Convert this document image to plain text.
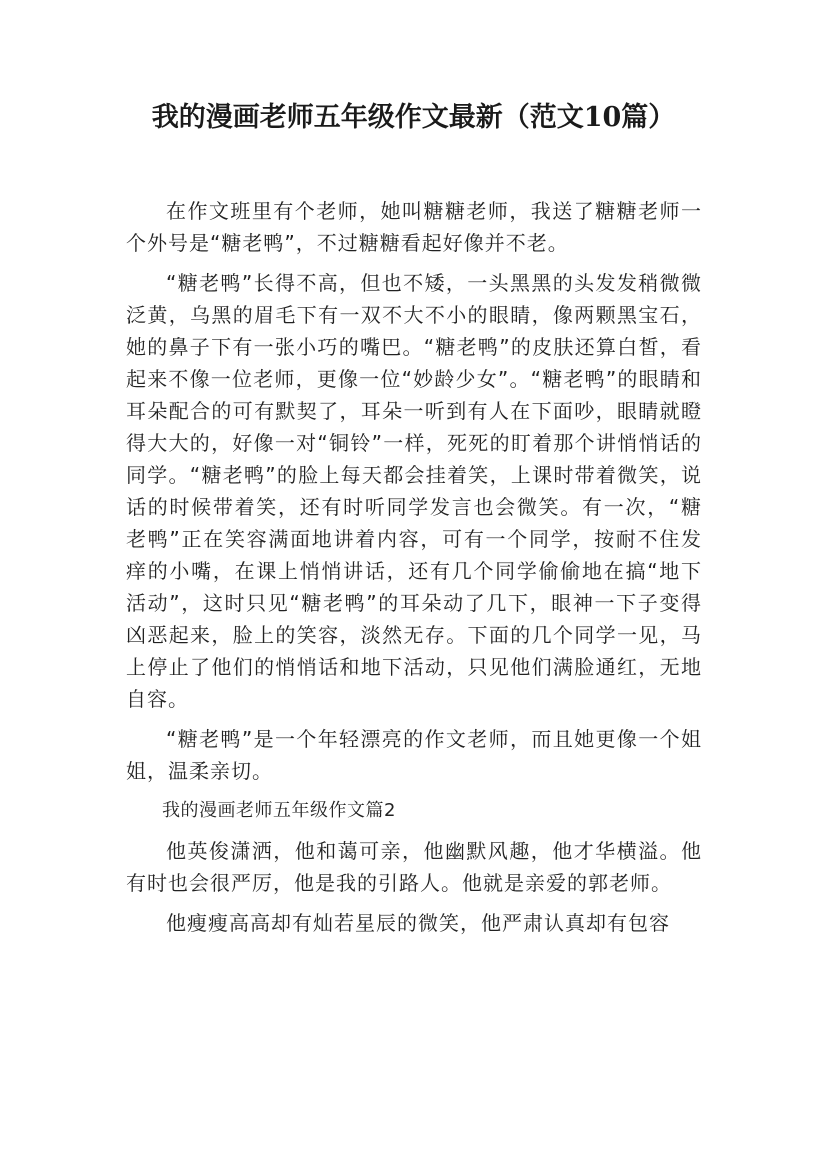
我的漫画老师五年级作文最新（范文10篇）

在作文班里有个老师，她叫糖糖老师，我送了糖糖老师一个外号是“糖老鸭”，不过糖糖看起好像并不老。

“糖老鸭”长得不高，但也不矮，一头黑黑的头发发稍微微泛黄，乌黑的眉毛下有一双不大不小的眼睛，像两颗黑宝石，她的鼻子下有一张小巧的嘴巴。“糖老鸭”的皮肤还算白皙，看起来不像一位老师，更像一位“妙龄少女”。“糖老鸭”的眼睛和耳朵配合的可有默契了，耳朵一听到有人在下面吵，眼睛就瞪得大大的，好像一对“铜铃”一样，死死的盯着那个讲悄悄话的同学。“糖老鸭”的脸上每天都会挂着笑，上课时带着微笑，说话的时候带着笑，还有时听同学发言也会微笑。有一次，“糖老鸭”正在笑容满面地讲着内容，可有一个同学，按耐不住发痒的小嘴，在课上悄悄讲话，还有几个同学偷偷地在搞“地下活动”，这时只见“糖老鸭”的耳朵动了几下，眼神一下子变得凶恶起来，脸上的笑容，淡然无存。下面的几个同学一见，马上停止了他们的悄悄话和地下活动，只见他们满脸通红，无地自容。

“糖老鸭”是一个年轻漂亮的作文老师，而且她更像一个姐姐，温柔亲切。

我的漫画老师五年级作文篇2

他英俊潇洒，他和蔼可亲，他幽默风趣，他才华横溢。他有时也会很严厉，他是我的引路人。他就是亲爱的郭老师。

他瘦瘦高高却有灿若星辰的微笑，他严肃认真却有包容
